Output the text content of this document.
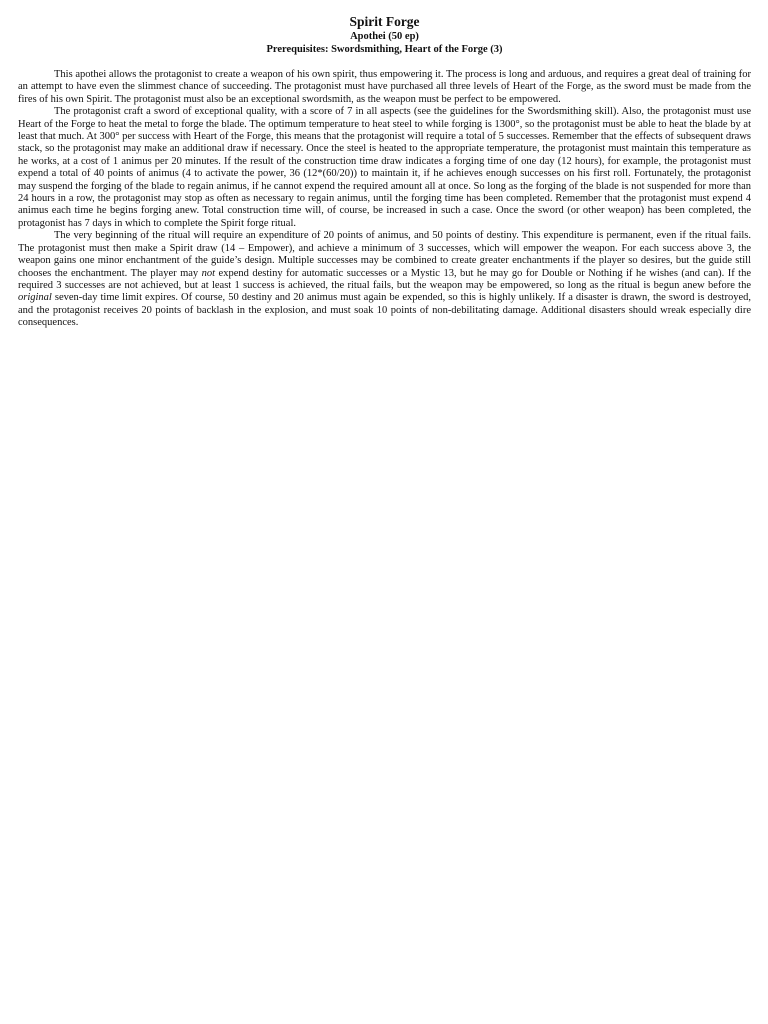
Spirit Forge
Apothei (50 ep)
Prerequisites: Swordsmithing, Heart of the Forge (3)

This apothei allows the protagonist to create a weapon of his own spirit, thus empowering it. The process is long and arduous, and requires a great deal of training for an attempt to have even the slimmest chance of succeeding. The protagonist must have purchased all three levels of Heart of the Forge, as the sword must be made from the fires of his own Spirit. The protagonist must also be an exceptional swordsmith, as the weapon must be perfect to be empowered.

The protagonist craft a sword of exceptional quality, with a score of 7 in all aspects (see the guidelines for the Swordsmithing skill). Also, the protagonist must use Heart of the Forge to heat the metal to forge the blade. The optimum temperature to heat steel to while forging is 1300°, so the protagonist must be able to heat the blade by at least that much. At 300° per success with Heart of the Forge, this means that the protagonist will require a total of 5 successes. Remember that the effects of subsequent draws stack, so the protagonist may make an additional draw if necessary. Once the steel is heated to the appropriate temperature, the protagonist must maintain this temperature as he works, at a cost of 1 animus per 20 minutes. If the result of the construction time draw indicates a forging time of one day (12 hours), for example, the protagonist must expend a total of 40 points of animus (4 to activate the power, 36 (12*(60/20)) to maintain it, if he achieves enough successes on his first roll. Fortunately, the protagonist may suspend the forging of the blade to regain animus, if he cannot expend the required amount all at once. So long as the forging of the blade is not suspended for more than 24 hours in a row, the protagonist may stop as often as necessary to regain animus, until the forging time has been completed. Remember that the protagonist must expend 4 animus each time he begins forging anew. Total construction time will, of course, be increased in such a case. Once the sword (or other weapon) has been completed, the protagonist has 7 days in which to complete the Spirit forge ritual.

The very beginning of the ritual will require an expenditure of 20 points of animus, and 50 points of destiny. This expenditure is permanent, even if the ritual fails. The protagonist must then make a Spirit draw (14 – Empower), and achieve a minimum of 3 successes, which will empower the weapon. For each success above 3, the weapon gains one minor enchantment of the guide’s design. Multiple successes may be combined to create greater enchantments if the player so desires, but the guide still chooses the enchantment. The player may not expend destiny for automatic successes or a Mystic 13, but he may go for Double or Nothing if he wishes (and can). If the required 3 successes are not achieved, but at least 1 success is achieved, the ritual fails, but the weapon may be empowered, so long as the ritual is begun anew before the original seven-day time limit expires. Of course, 50 destiny and 20 animus must again be expended, so this is highly unlikely. If a disaster is drawn, the sword is destroyed, and the protagonist receives 20 points of backlash in the explosion, and must soak 10 points of non-debilitating damage. Additional disasters should wreak especially dire consequences.
